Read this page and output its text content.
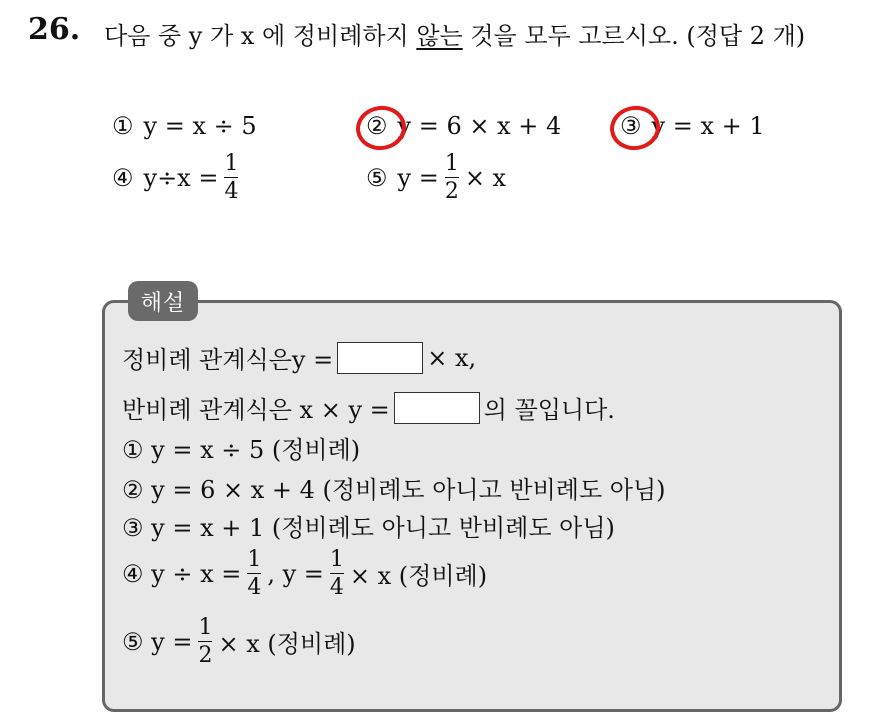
26. 다음 중 y 가 x 에 정비례하지 않는 것을 모두 고르시오. (정답 2 개)
① y = x ÷ 5	② y = 6 × x + 4 ③ y = x + 1
④ $y\div x = \frac{1}{4}$	⑤ $y = \frac{1}{2} \times x$
해설
정비례 관계식은y =	× x,
반비례 관계식은 x × y =	의 꼴입니다.
① y = x ÷ 5 (정비례)
② y = 6 × x + 4 (정비례도 아니고 반비례도 아님)
③ y = x + 1 (정비례도 아니고 반비례도 아님)
④ $y \div x = \frac{1}{4}$ , $y = \frac{1}{4} \times x$ (정비례)
⑤ $y = \frac{1}{2} \times x$ (정비례)
